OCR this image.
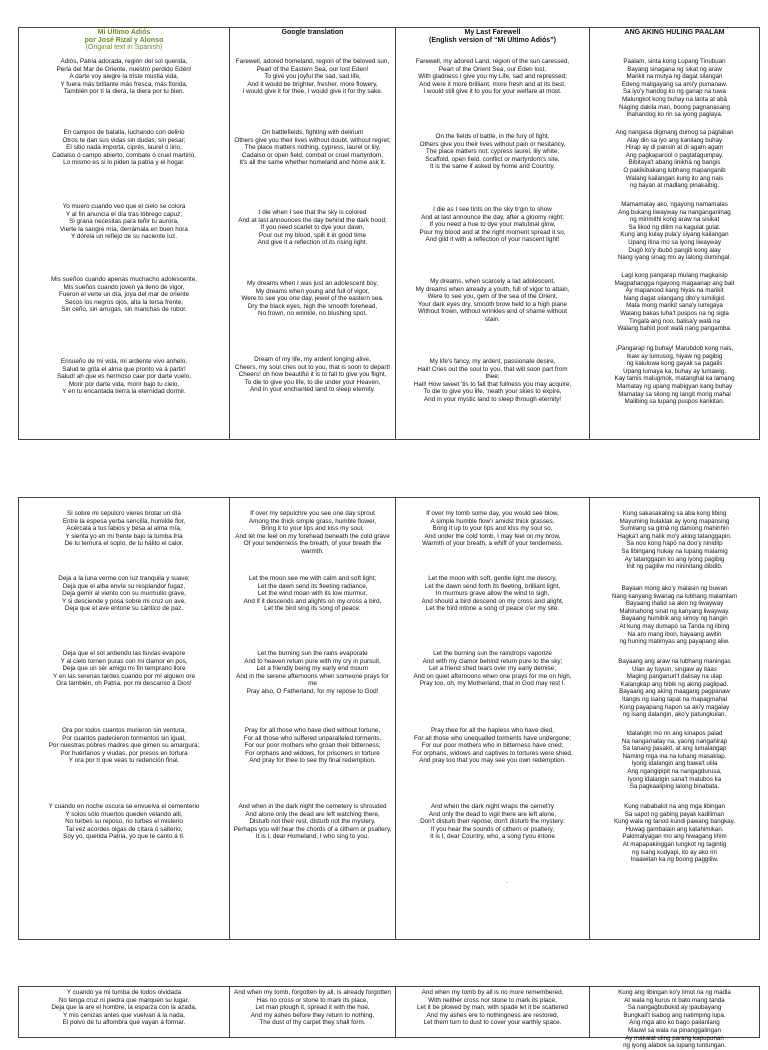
Mi Último Adiós
por José Rizal y Alonso
(Original text in Spanish)
Adiós, Patria adorada, región del sol querida,
Perla del Mar de Oriente, nuestro perdido Edén!
A darte voy alegre la triste mustia vida,
Y fuera más brillante más fresca, más florida,
También por tí la diera, la diera por tu bien.
En campos de batalla, luchando con delirio
Otros te dan sus vidas sin dudas, sin pesar;
El sitio nada importa, ciprés, laurel ó lirio,
Cadalso ó campo abierto, combate ó cruel martirio,
Lo mismo es si lo piden la patria y el hogar.
Yo muero cuando veo que el cielo se colora
Y al fin anuncia el día tras lóbrego capuz;
Si grana necesitas para teñir tu aurora,
Vierte la sangre mía, derrámala en buen hora
Y dórela un reflejo de su naciente luz.
Mis sueños cuando apenas muchacho adolescente,
Mis sueños cuando joven ya lleno de vigor,
Fueron el verte un día, joya del mar de oriente
Secos los negros ojos, alta la tersa frente,
Sin ceño, sin arrugas, sin manchas de rubor.
Ensueño de mi vida, mi ardiente vivo anhelo,
Salud te grita el alma que pronto va á partir!
Salud! ah que es hermoso caer por darte vuelo,
Morir por darte vida, morir bajo tu cielo,
Y en tu encantada tierra la eternidad dormir.
Google translation
Farewell, adored homeland, region of the beloved sun,
Pearl of the Eastern Sea, our lost Eden!
To give you joyful the sad, sad life,
And it would be brighter, fresher, more flowery,
I would give it for thee, I would give it for thy sake.
On battlefields, fighting with delirium
Others give you their lives without doubt, without regret;
The place matters nothing, cypress, laurel or lily,
Cadalso or open field, combat or cruel martyrdom,
It's all the same whether homeland and home ask it.
I die when I see that the sky is colored
And at last announces the day behind the dark hood;
If you need scarlet to dye your dawn,
Pour out my blood, spill it in good time
And give it a reflection of its rising light.
My dreams when I was just an adolescent boy,
My dreams when young and full of vigor,
Were to see you one day, jewel of the eastern sea.
Dry the black eyes, high the smooth forehead,
No frown, no wrinkle, no blushing spot.
Dream of my life, my ardent longing alive,
Cheers, my soul cries out to you, that is soon to depart!
Cheers! oh how beautiful it is to fall to give you flight,
To die to give you life, to die under your Heaven,
And in your enchanted land to sleep eternity.
My Last Farewell
(English version of “Mi Último Adiós”)
Farewell, my adored Land, region of the sun caressed,
Pearl of the Orient Sea, our Eden lost,
With gladness I give you my Life, sad and repressed;
And were it more brilliant, more fresh and at its best,
I would still give it to you for your welfare at most.
On the fields of battle, in the fury of fight,
Others give you their lives without pain or hesitancy,
The place matters not: cypress laurel, lily white,
Scaffold, open field, conflict or martyrdom's site,
It is the same if asked by home and Country.
I die as I see tints on the sky b'gin to show
And at last announce the day, after a gloomy night;
If you need a hue to dye your matutinal glow,
Pour my blood and at the right moment spread it so,
And gild it with a reflection of your nascent light!
My dreams, when scarcely a lad adolescent,
My dreams when already a youth, full of vigor to attain,
Were to see you, gem of the sea of the Orient,
Your dark eyes dry, smooth brow held to a high plane
Without frown, without wrinkles and of shame without
stain.
My life's fancy, my ardent, passionate desire,
Hail! Cries out the soul to you, that will soon part from
thee;
Hail! How sweet 'tis to fall that fullness you may acquire;
To die to give you life, 'neath your skies to expire,
And in your mystic land to sleep through eternity!
ANG AKING HULING PAALAM
Paalam, sinta kong Lupang Tinubuan
Bayang sinagana ng sikat ng araw
Marikit na mutya ng dagat silangan
Edeng maligayang sa ami'y pumanaw.
Sa iyo'y handog ko ng ganap na tuwa
Malungkot kong buhay na lanta at abâ
Naging dakila man, boong pagnanasang
Ihahandog ko rin sa iyong paglaya.
Ang nangasa digmang dumog sa paglaban
Alay din sa iyo ang kanilang buhay
Hirap ay di pansin at di agam agam
Ang pagkaparool o pagtatagumpay.
Bibitaya't abang linikhâ ng bangis
O pakikibakang lubhang mapanganib
Walang kailangan kung ito ang nais
ng bayan at madlang pinakaibig.
Mamamatay ako, ngayong namamalas
Ang bukang liwayway na nanganganinag
ng mirimithi kong araw na sisikat
Sa likod ng dilim na kagulat gulat.
Kung ang kulay pula'y siyang kailangan
Upang itina mo sa iyong liwayway
Dugô ko'y ibubô pangiti kong alay
Nang iyang sinag mo ay lalong dumingal.
Lagi kong pangarap mulang magkaisip
Magpahangga ngayong magaanap ang bait
Ay mapanood kang hiyas na marikit
Nang dagat silangang dito'y lumiligid.
Mata mong marikit sana'y lumigaya
Walang bakas luha't puspos na ng sigla
Tingalà ang noo, balisa'y walâ na
Walang bahid poot walâ nang pangamba.
¡Pangarap ng buhay! Marubdob kong nais,
Ikaw ay lumusog, hiyaw ng pagibig
ng kaluluwa kong gayak sa pagalis
Upang lumaya ka, buhay ay lumawig.
Kay tamis malugmok, matanghal ka lamang
Mamatay ng upang mabigyan kang buhay
Mamatay sa silong ng langit mong mahal
Malibing sa lupang puspos karikitan.
Si sobre mi sepulcro vieres brotar un día
Entre la espesa yerba sencilla, humilde flor,
Acércala a tus labios y besa al alma mía,
Y sienta yo en mi frente bajo la tumba fría
De tu ternura el soplo, de tu hálito el calor.
Deja a la luna verme con luz tranquila y suave;
Deja que el alba envíe su resplandor fugaz,
Deja gemir al viento con su murmullo grave,
Y si desciende y posa sobre mi cruz un ave,
Deja que el ave entone su cántico de paz.
Deja que el sol ardiendo las lluvias evapore
Y al cielo tornen puras con mi clamor en pos,
Deja que un sér amigo mi fin temprano llore
Y en las serenas tardes cuando por mí alguien ore
Ora también, oh Patria, por mi descanso á Dios!
Ora por todos cuantos murieron sin ventura,
Por cuantos padecieron tormentos sin igual,
Por nuestras pobres madres que gimen su amargura;
Por huérfanos y viudas, por presos en tortura
Y ora por tí que veas tu redención final.
Y cuando en noche oscura se envuelva el cementerio
Y solos sólo muertos queden velando allí,
No turbes su reposo, no turbes el misterio
Tal vez acordes oigas de cítara ó salterio,
Soy yo, querida Patria, yo que te canto á tí.
If over my sepulchre you see one day sprout
Among the thick simple grass, humble flower,
Bring it to your lips and kiss my soul,
And let me feel on my forehead beneath the cold grave
Of your tenderness the breath, of your breath the warmth.
Let the moon see me with calm and soft light;
Let the dawn send its fleeting radiance,
Let the wind moan with its low murmur,
And if it descends and alights on my cross a bird,
Let the bird sing its song of peace.
Let the burning sun the rains evaporate
And to heaven return pure with my cry in pursuit,
Let a friendly being my early end mourn
And in the serene afternoons when someone prays for me
Pray also, O Fatherland, for my repose to God!
Pray for all those who have died without fortune,
For all those who suffered unparalleled torments,
For our poor mothers who groan their bitterness;
For orphans and widows, for prisoners in torture
And pray for thee to see thy final redemption.
And when in the dark night the cemetery is shrouded
And alone only the dead are left watching there,
Disturb not their rest, disturb not the mystery.
Perhaps you will hear the chords of a cithern or psaltery,
It is I, dear Homeland, I who sing to you.
If over my tomb some day, you would see blow,
A simple humble flow'r amidst thick grasses,
Bring it up to your lips and kiss my soul so,
And under the cold tomb, I may feel on my brow,
Warmth of your breath, a whiff of your tenderness.
Let the moon with soft, gentle light me descry,
Let the dawn send forth its fleeting, brilliant light,
In murmurs grave allow the wind to sigh,
And should a bird descend on my cross and alight,
Let the bird intone a song of peace o'er my site.
Let the burning sun the raindrops vaporize
And with my clamor behind return pure to the sky;
Let a friend shed tears over my early demise;
And on quiet afternoons when one prays for me on high,
Pray too, oh, my Motherland, that in God may rest I.
Pray thee for all the hapless who have died,
For all those who unequalled torments have undergone;
For our poor mothers who in bitterness have cried;
For orphans, widows and captives to tortures were shied,
And pray too that you may see you own redemption.
And when the dark night wraps the cemet'ry
And only the dead to vigil there are left alone,
Don't disturb their repose, don't disturb the mystery:
If you hear the sounds of cithern or psaltery,
It is I, dear Country, who, a song t'you intone
.
Kung sakasakaling sa aba kong libing
Mayuming bulaklak ay iyong mapansing
Sumilang sa gitnâ ng damong mahinhin
Hagka't ang halik mo'y aking tatanggapin.
Sa noo kong hapô na doo'y ninidlip
Sa libingang hukay na lupang malamig
Ay tatanggapin ko ang iyong pagibig
Init ng pagiliw mo nininitang dibdib.
Bayaan mong ako'y malasin ng buwan
Nang kanyang liwanag na lubhang malamlam
Bayaang ihatid sa akin ng liwayway
Mahinahong sinat ng kanyang liwayway.
Bayaang humibik ang simoy ng hangin
At kung may dumapò sa Tanda ng libing
Na aro mang ibon, bayaang awitin
ng huning matimyas ang payapang aliw.
Bayaang ang araw na lubhang maningas
Ulan ay tuyuin, singaw ay itaas
Maging panganuri't dalisay na ulap
Kalangkap ang hibik ng aking paglipad.
Bayaang ang aking maagang pagpanaw
Itangis ng isang tapat na mapagmahal
Kung payapang hapon sa aki'y magalay
ng isang dalangin, ako'y patungkulan.
Idalangin mo rin ang kinapos palad
Na nangamatay na, yaong nangahirap
Sa tanang pasakit, at ang lumalangap
Naming mga ina na luhang masaklap.
Iyong idalangin ang bawa't ulila
Ang ngangipipit na nangagdurusa,
Iyong idalangin sana't matubos ka
Sa pagkaaliping lalong binabata.
Kung nababalot na ang mga libingan
Sa sapot ng gabing payak kadiliman
Kung wala ng tanod kundi pawang bangkay,
Huwag gambalain ang katahimikan.
Pakimatyagan mo ang hiwagang lihim
At mapapakinggan lungkot ng tagintig
ng isang kudyapi, ito ay ako rin
Inaawitan ka ng boong paggiliw.
Y cuando ya mi tumba de todos olvidada
No tenga cruz ni piedra que marquen su lugar,
Deja que la are el hombre, la esparza con la azada,
Y mis cenizas antes que vuelvan á la nada,
El polvo de tu alfombra que vayan á formar.
And when my tomb, forgotten by all, is already forgotten
Has no cross or stone to mark its place,
Let man plough it, spread it with the hoe,
And my ashes before they return to nothing,
The dust of thy carpet they shall form.
And when my tomb by all is no more remembered,
With neither cross nor stone to mark its place,
Let it be plowed by man, with spade let it be scattered
And my ashes ere to nothingness are restored,
Let them turn to dust to cover your earthly space.
Kung ang libingan ko'y limot na ng madla
At wala ng kurus ni bato mang tanda
Sa nangagbubukid ay ipaubayang
Bungkali't isabog ang natimping lupa.
Ang mga abo ko bago pailanlang
Mauwi sa wala na pinanggalingan
Ay makalat uling parang kapupunan
ng iyong alabok sa lupang tuntungan.
